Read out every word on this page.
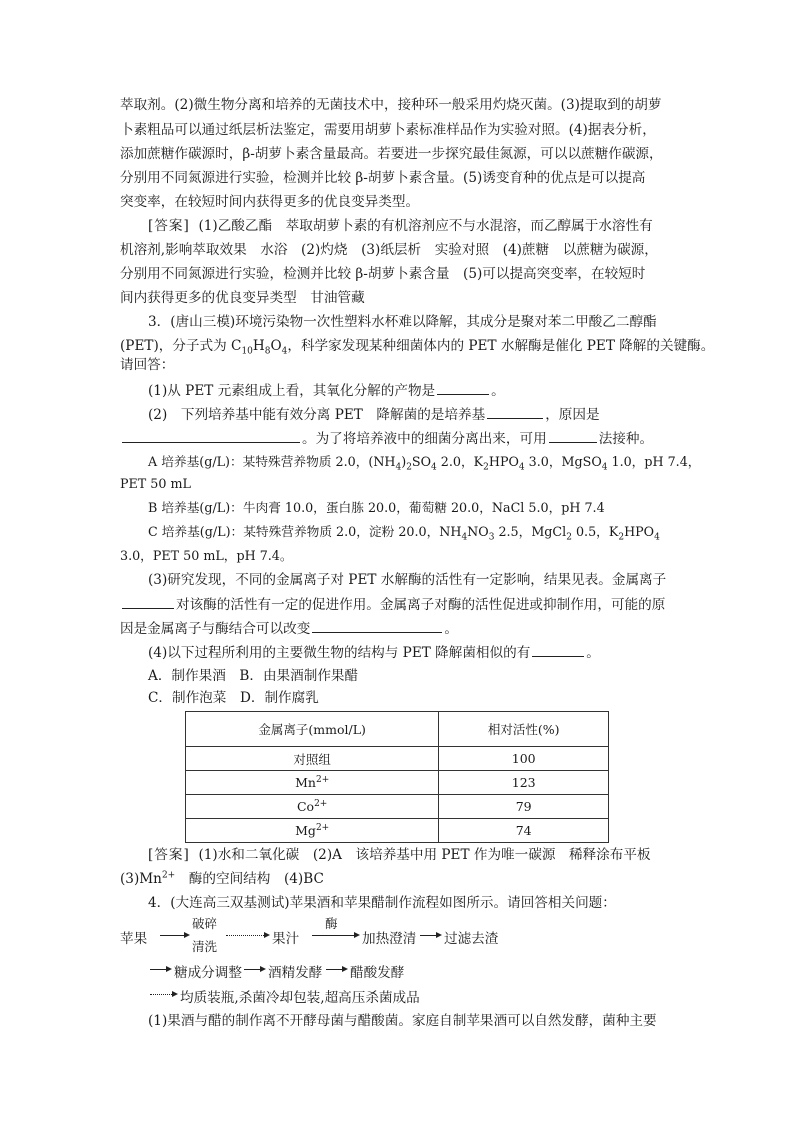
萃取剂。(2)微生物分离和培养的无菌技术中，接种环一般采用灼烧灭菌。(3)提取到的胡萝
卜素粗品可以通过纸层析法鉴定，需要用胡萝卜素标准样品作为实验对照。(4)据表分析，
添加蔗糖作碳源时，β-胡萝卜素含量最高。若要进一步探究最佳氮源，可以以蔗糖作碳源，
分别用不同氮源进行实验，检测并比较 β-胡萝卜素含量。(5)诱变育种的优点是可以提高
突变率，在较短时间内获得更多的优良变异类型。
[答案] (1)乙酸乙酯　萃取胡萝卜素的有机溶剂应不与水混溶，而乙醇属于水溶性有
机溶剂,影响萃取效果　水浴　(2)灼烧　(3)纸层析　实验对照　(4)蔗糖　以蔗糖为碳源，
分别用不同氮源进行实验，检测并比较 β-胡萝卜素含量　(5)可以提高突变率，在较短时
间内获得更多的优良变异类型　甘油管藏
3．(唐山三模)环境污染物一次性塑料水杯难以降解，其成分是聚对苯二甲酸乙二醇酯
(PET)，分子式为 $C_{10}H_8O_4$，科学家发现某种细菌体内的 PET 水解酶是催化 PET 降解的关键酶。
请回答：
(1)从 PET 元素组成上看，其氧化分解的产物是	。
(2)　下列培养基中能有效分离 PET　降解菌的是培养基	，原因是
。为了将培养液中的细菌分离出来，可用	法接种。
A 培养基(g/L)：某特殊营养物质 2.0，$(NH_4)_2SO_4$ 2.0，$K_2HPO_4$ 3.0，MgSO$_4$ 1.0，pH 7.4，
PET 50 mL
B 培养基(g/L)：牛肉膏 10.0，蛋白胨 20.0，葡萄糖 20.0，NaCl 5.0，pH 7.4
C 培养基(g/L)：某特殊营养物质 2.0，淀粉 20.0，$NH_4NO_3$ 2.5，MgCl$_2$ 0.5，$K_2HPO_4$
3.0，PET 50 mL，pH 7.4。
(3)研究发现，不同的金属离子对 PET 水解酶的活性有一定影响，结果见表。金属离子
对该酶的活性有一定的促进作用。金属离子对酶的活性促进或抑制作用，可能的原
因是金属离子与酶结合可以改变	。
(4)以下过程所利用的主要微生物的结构与 PET 降解菌相似的有	。
A．制作果酒　B．由果酒制作果醋
C．制作泡菜　D．制作腐乳
金属离子(mmol/L)	相对活性(%)
对照组	100
$Mn^{2+}$	123
$Co^{2+}$	79
$Mg^{2+}$	74
[答案] (1)水和二氧化碳　(2)A　该培养基中用 PET 作为唯一碳源　稀释涂布平板
$(3)Mn^{2+}$　酶的空间结构　(4)BC
4．(大连高三双基测试)苹果酒和苹果醋制作流程如图所示。请回答相关问题：
苹果
破碎
清洗	果汁
酶
加热澄清 过滤去渣
糖成分调整 酒精发酵 醋酸发酵
均质装瓶,杀菌冷却包装,超高压杀菌成品
(1)果酒与醋的制作离不开酵母菌与醋酸菌。家庭自制苹果酒可以自然发酵，菌种主要
